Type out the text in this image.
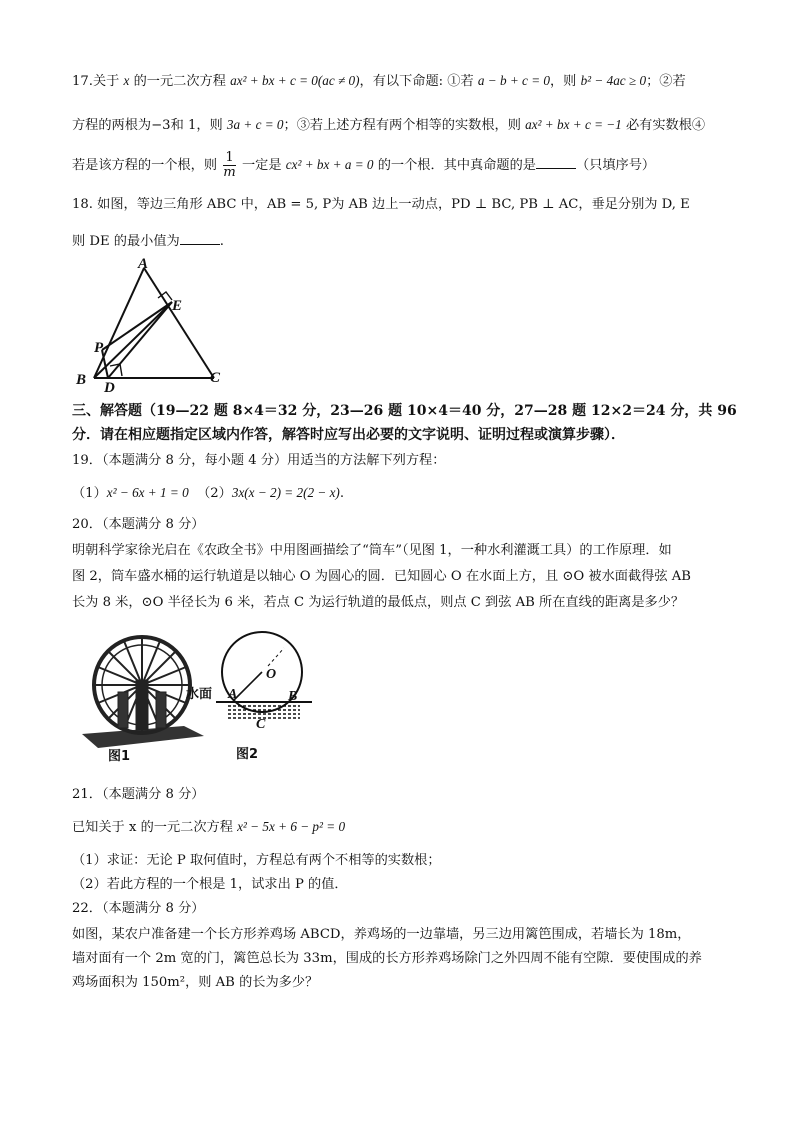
17.关于 x 的一元二次方程 ax² + bx + c = 0(ac ≠ 0)，有以下命题: ①若 a − b + c = 0，则 b² − 4ac ≥ 0；②若
方程的两根为−3和 1，则 3a + c = 0；③若上述方程有两个相等的实数根，则 ax² + bx + c = −1 必有实数根④
若是该方程的一个根，则 $\frac{1}{m}$ 一定是 cx² + bx + a = 0 的一个根．其中真命题的是	（只填序号）
18. 如图，等边三角形 ABC 中，AB = 5, P为 AB 边上一动点，PD ⊥ BC, PB ⊥ AC，垂足分别为 D, E
则 DE 的最小值为	.
A
E
P
B D
C
三、解答题（19—22 题 8×4＝32 分，23—26 题 10×4＝40 分，27—28 题 12×2＝24 分，共 96
分．请在相应题指定区域内作答，解答时应写出必要的文字说明、证明过程或演算步骤）．
19．（本题满分 8 分，每小题 4 分）用适当的方法解下列方程：
（1）x² − 6x + 1 = 0 （2）3x(x − 2) = 2(2 − x).
20．（本题满分 8 分）
明朝科学家徐光启在《农政全书》中用图画描绘了“筒车”（见图 1，一种水利灌溉工具）的工作原理．如
图 2，筒车盛水桶的运行轨道是以轴心 O 为圆心的圆．已知圆心 O 在水面上方，且 ⊙O 被水面截得弦 AB
长为 8 米，⊙O 半径长为 6 米，若点 C 为运行轨道的最低点，则点 C 到弦 AB 所在直线的距离是多少？
图1
O
A	B
C
水面
图2
21．（本题满分 8 分）
已知关于 x 的一元二次方程 x² − 5x + 6 − p² = 0
（1）求证：无论 P 取何值时，方程总有两个不相等的实数根；
（2）若此方程的一个根是 1，试求出 P 的值．
22．（本题满分 8 分）
如图，某农户准备建一个长方形养鸡场 ABCD，养鸡场的一边靠墙，另三边用篱笆围成，若墙长为 18m，
墙对面有一个 2m 宽的门，篱笆总长为 33m，围成的长方形养鸡场除门之外四周不能有空隙．要使围成的养
鸡场面积为 150m²，则 AB 的长为多少？
